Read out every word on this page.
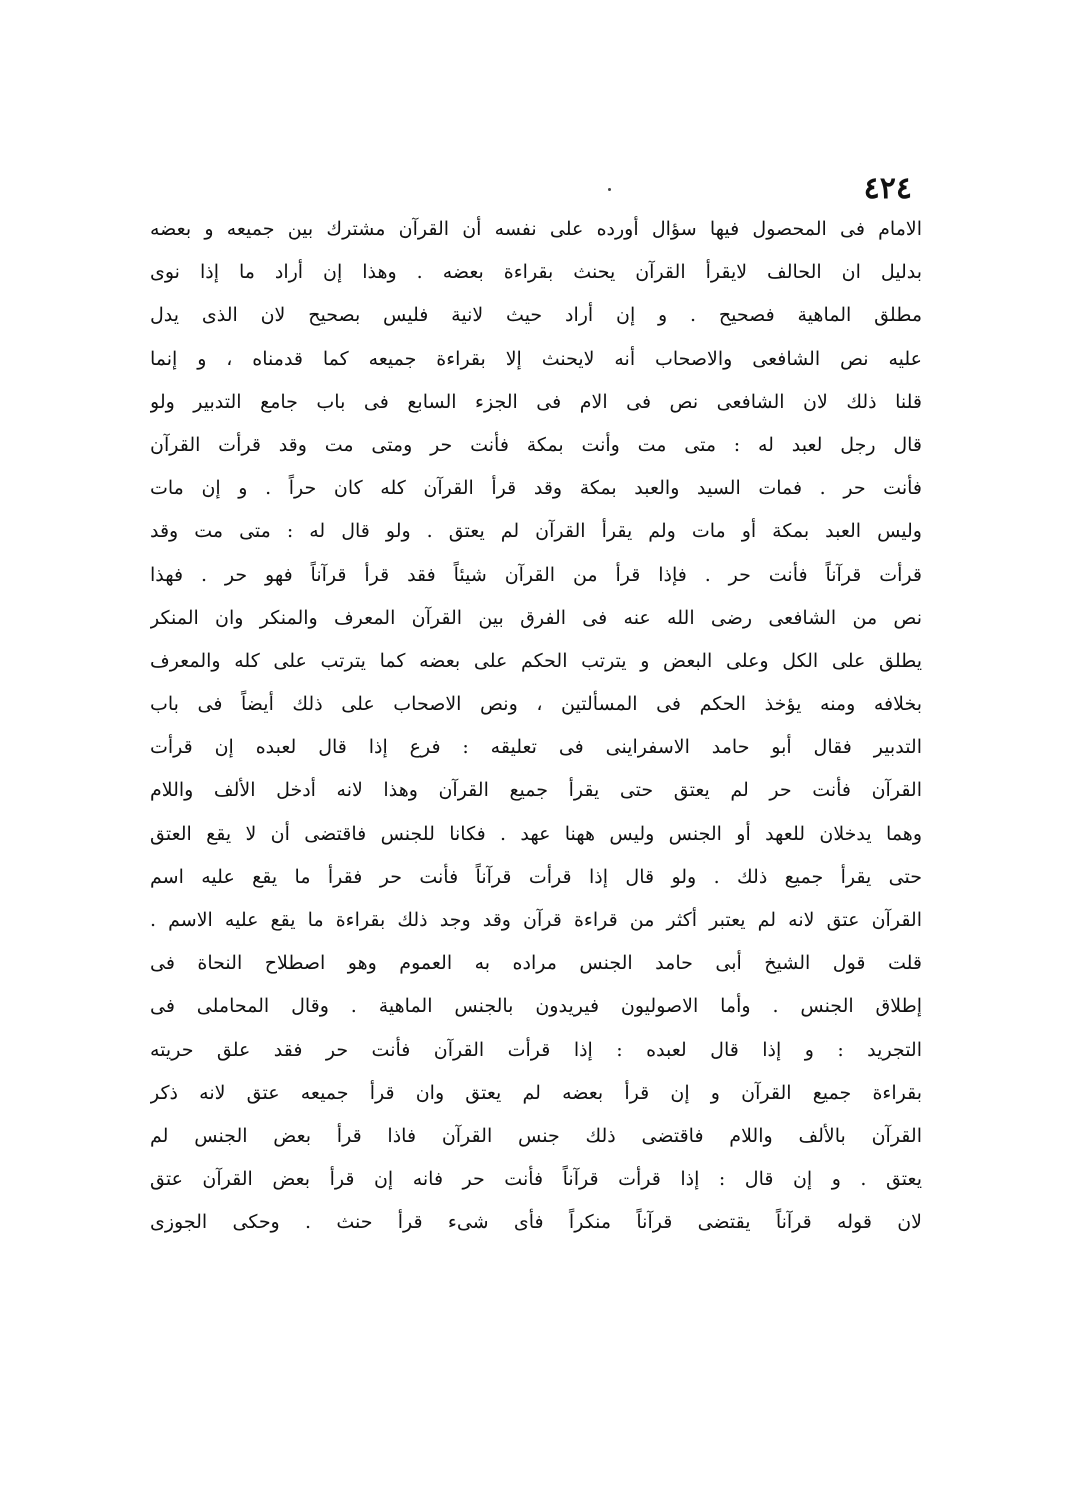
٤٢٤
الامام فى المحصول فيها سؤال أورده على نفسه أن القرآن مشترك بين جميعه و بعضه
بدليل ان الحالف لايقرأ القرآن يحنث بقراءة بعضه . وهذا إن أراد ما إذا نوى
مطلق الماهية فصحيح . و إن أراد حيث لانية فليس بصحيح لان الذى يدل
عليه نص الشافعى والاصحاب أنه لايحنث إلا بقراءة جميعه كما قدمناه ، و إنما
قلنا ذلك لان الشافعى نص فى الام فى الجزء السابع فى باب جامع التدبير ولو
قال رجل لعبد له : متى مت وأنت بمكة فأنت حر ومتى مت وقد قرأت القرآن
فأنت حر . فمات السيد والعبد بمكة وقد قرأ القرآن كله كان حراً . و إن مات
وليس العبد بمكة أو مات ولم يقرأ القرآن لم يعتق . ولو قال له : متى مت وقد
قرأت قرآناً فأنت حر . فإذا قرأ من القرآن شيئاً فقد قرأ قرآناً فهو حر . فهذا
نص من الشافعى رضى الله عنه فى الفرق بين القرآن المعرف والمنكر وان المنكر
يطلق على الكل وعلى البعض و يترتب الحكم على بعضه كما يترتب على كله والمعرف
بخلافه ومنه يؤخذ الحكم فى المسألتين ، ونص الاصحاب على ذلك أيضاً فى باب
التدبير فقال أبو حامد الاسفراينى فى تعليقه : فرع إذا قال لعبده إن قرأت
القرآن فأنت حر لم يعتق حتى يقرأ جميع القرآن وهذا لانه أدخل الألف واللام
وهما يدخلان للعهد أو الجنس وليس ههنا عهد . فكانا للجنس فاقتضى أن لا يقع العتق
حتى يقرأ جميع ذلك . ولو قال إذا قرأت قرآناً فأنت حر فقرأ ما يقع عليه اسم
القرآن عتق لانه لم يعتبر أكثر من قراءة قرآن وقد وجد ذلك بقراءة ما يقع عليه الاسم .
قلت قول الشيخ أبى حامد الجنس مراده به العموم وهو اصطلاح النحاة فى
إطلاق الجنس . وأما الاصوليون فيريدون بالجنس الماهية . وقال المحاملى فى
التجريد : و إذا قال لعبده : إذا قرأت القرآن فأنت حر فقد علق حريته
بقراءة جميع القرآن و إن قرأ بعضه لم يعتق وان قرأ جميعه عتق لانه ذكر
القرآن بالألف واللام فاقتضى ذلك جنس القرآن فاذا قرأ بعض الجنس لم
يعتق . و إن قال : إذا قرأت قرآناً فأنت حر فانه إن قرأ بعض القرآن عتق
لان قوله قرآناً يقتضى قرآناً منكراً فأى شىء قرأ حنث . وحكى الجوزى
